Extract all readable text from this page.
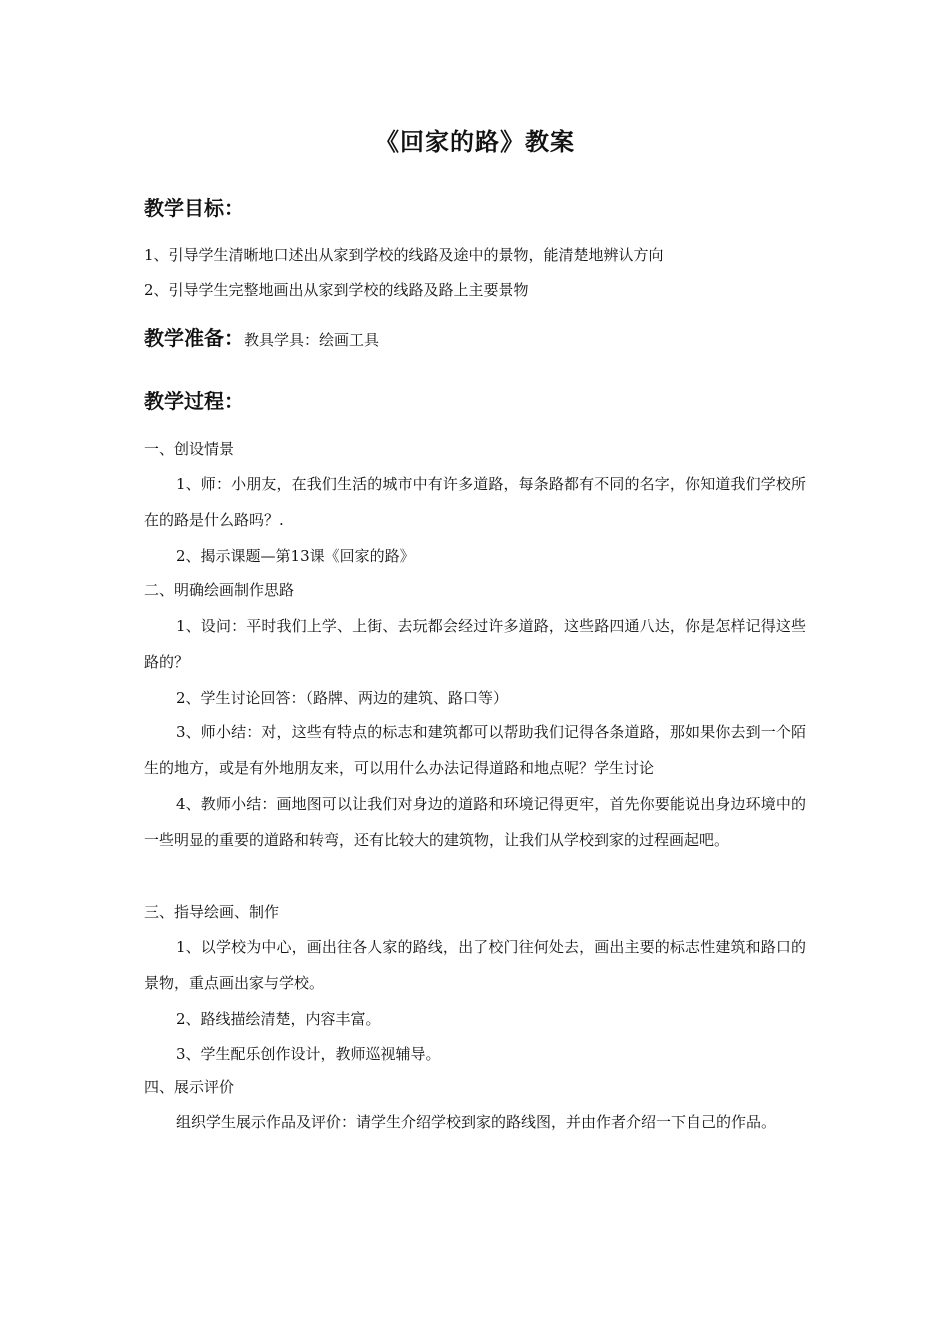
《回家的路》教案
教学目标：
1、引导学生清晰地口述出从家到学校的线路及途中的景物，能清楚地辨认方向
2、引导学生完整地画出从家到学校的线路及路上主要景物
教学准备：教具学具：绘画工具
教学过程：
一、创设情景
1、师：小朋友，在我们生活的城市中有许多道路，每条路都有不同的名字，你知道我们学校所在的路是什么路吗？.
2、揭示课题—第13课《回家的路》
二、明确绘画制作思路
1、设问：平时我们上学、上街、去玩都会经过许多道路，这些路四通八达，你是怎样记得这些路的？
2、学生讨论回答：（路牌、两边的建筑、路口等）
3、师小结：对，这些有特点的标志和建筑都可以帮助我们记得各条道路，那如果你去到一个陌生的地方，或是有外地朋友来，可以用什么办法记得道路和地点呢？学生讨论
4、教师小结：画地图可以让我们对身边的道路和环境记得更牢，首先你要能说出身边环境中的一些明显的重要的道路和转弯，还有比较大的建筑物，让我们从学校到家的过程画起吧。
三、指导绘画、制作
1、以学校为中心，画出往各人家的路线，出了校门往何处去，画出主要的标志性建筑和路口的景物，重点画出家与学校。
2、路线描绘清楚，内容丰富。
3、学生配乐创作设计，教师巡视辅导。
四、展示评价
组织学生展示作品及评价：请学生介绍学校到家的路线图，并由作者介绍一下自己的作品。
